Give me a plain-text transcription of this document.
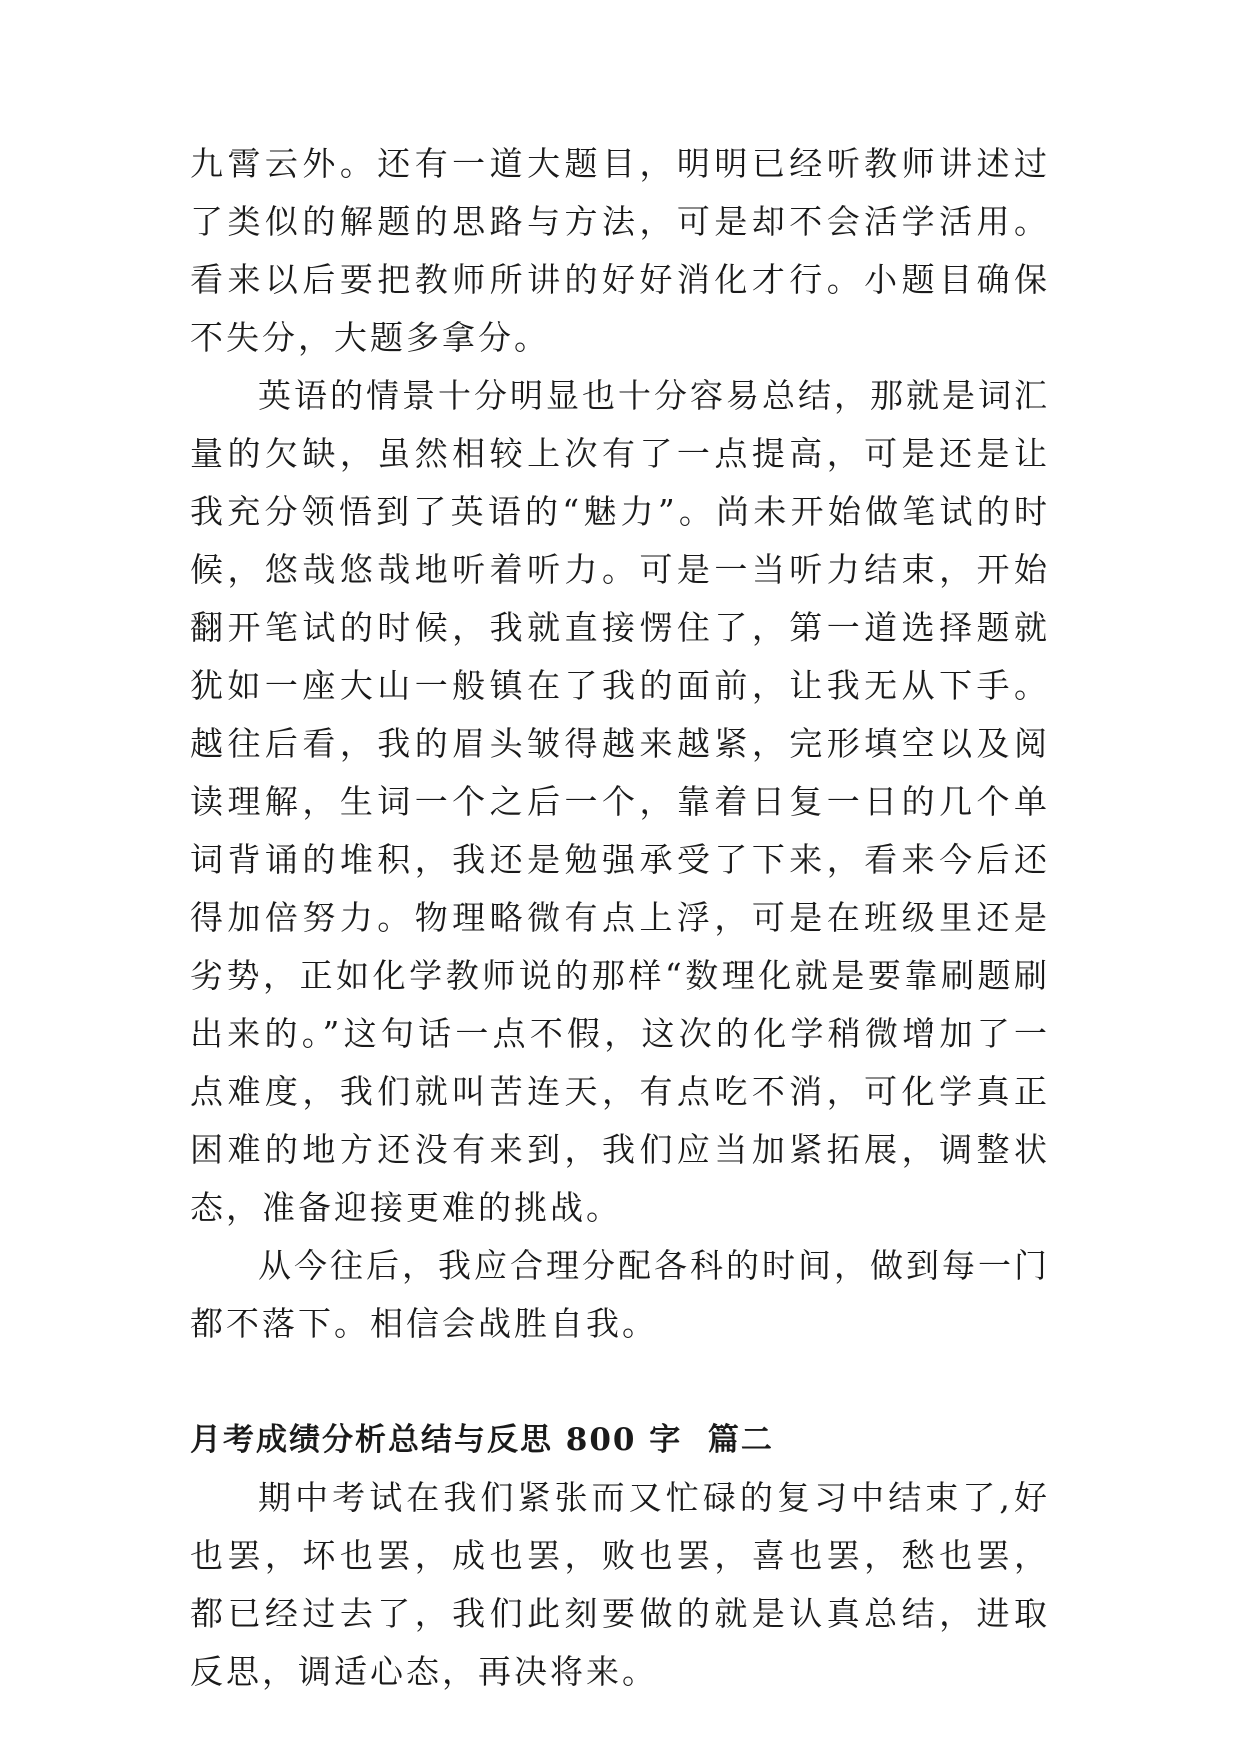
九霄云外。还有一道大题目，明明已经听教师讲述过了类似的解题的思路与方法，可是却不会活学活用。看来以后要把教师所讲的好好消化才行。小题目确保不失分，大题多拿分。

英语的情景十分明显也十分容易总结，那就是词汇量的欠缺，虽然相较上次有了一点提高，可是还是让我充分领悟到了英语的“魅力”。尚未开始做笔试的时候，悠哉悠哉地听着听力。可是一当听力结束，开始翻开笔试的时候，我就直接愣住了，第一道选择题就犹如一座大山一般镇在了我的面前，让我无从下手。越往后看，我的眉头皱得越来越紧，完形填空以及阅读理解，生词一个之后一个，靠着日复一日的几个单词背诵的堆积，我还是勉强承受了下来，看来今后还得加倍努力。物理略微有点上浮，可是在班级里还是劣势，正如化学教师说的那样“数理化就是要靠刷题刷出来的。”这句话一点不假，这次的化学稍微增加了一点难度，我们就叫苦连天，有点吃不消，可化学真正困难的地方还没有来到，我们应当加紧拓展，调整状态，准备迎接更难的挑战。

从今往后，我应合理分配各科的时间，做到每一门都不落下。相信会战胜自我。

月考成绩分析总结与反思 800 字  篇二

期中考试在我们紧张而又忙碌的复习中结束了,好也罢，坏也罢，成也罢，败也罢，喜也罢，愁也罢，都已经过去了，我们此刻要做的就是认真总结，进取反思，调适心态，再决将来。
